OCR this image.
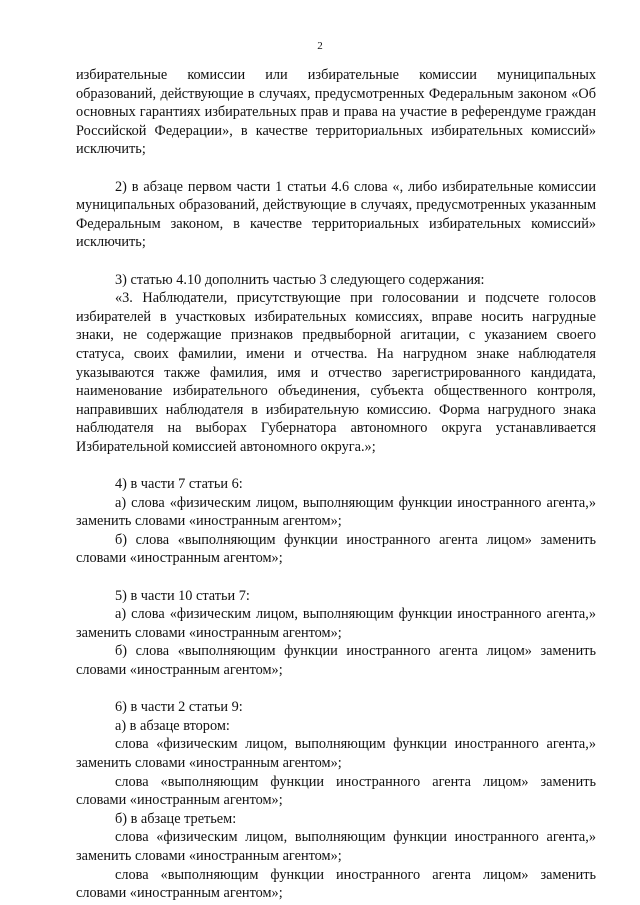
2

избирательные комиссии или избирательные комиссии муниципальных образований, действующие в случаях, предусмотренных Федеральным законом «Об основных гарантиях избирательных прав и права на участие в референдуме граждан Российской Федерации», в качестве территориальных избирательных комиссий» исключить;

2) в абзаце первом части 1 статьи 4.6 слова «, либо избирательные комиссии муниципальных образований, действующие в случаях, предусмотренных указанным Федеральным законом, в качестве территориальных избирательных комиссий» исключить;

3) статью 4.10 дополнить частью 3 следующего содержания:

«3. Наблюдатели, присутствующие при голосовании и подсчете голосов избирателей в участковых избирательных комиссиях, вправе носить нагрудные знаки, не содержащие признаков предвыборной агитации, с указанием своего статуса, своих фамилии, имени и отчества. На нагрудном знаке наблюдателя указываются также фамилия, имя и отчество зарегистрированного кандидата, наименование избирательного объединения, субъекта общественного контроля, направивших наблюдателя в избирательную комиссию. Форма нагрудного знака наблюдателя на выборах Губернатора автономного округа устанавливается Избирательной комиссией автономного округа.»;

4) в части 7 статьи 6:

а) слова «физическим лицом, выполняющим функции иностранного агента,» заменить словами «иностранным агентом»;

б) слова «выполняющим функции иностранного агента лицом» заменить словами «иностранным агентом»;

5) в части 10 статьи 7:

а) слова «физическим лицом, выполняющим функции иностранного агента,» заменить словами «иностранным агентом»;

б) слова «выполняющим функции иностранного агента лицом» заменить словами «иностранным агентом»;

6) в части 2 статьи 9:

а) в абзаце втором:

слова «физическим лицом, выполняющим функции иностранного агента,» заменить словами «иностранным агентом»;

слова «выполняющим функции иностранного агента лицом» заменить словами «иностранным агентом»;

б) в абзаце третьем:

слова «физическим лицом, выполняющим функции иностранного агента,» заменить словами «иностранным агентом»;

слова «выполняющим функции иностранного агента лицом» заменить словами «иностранным агентом»;
